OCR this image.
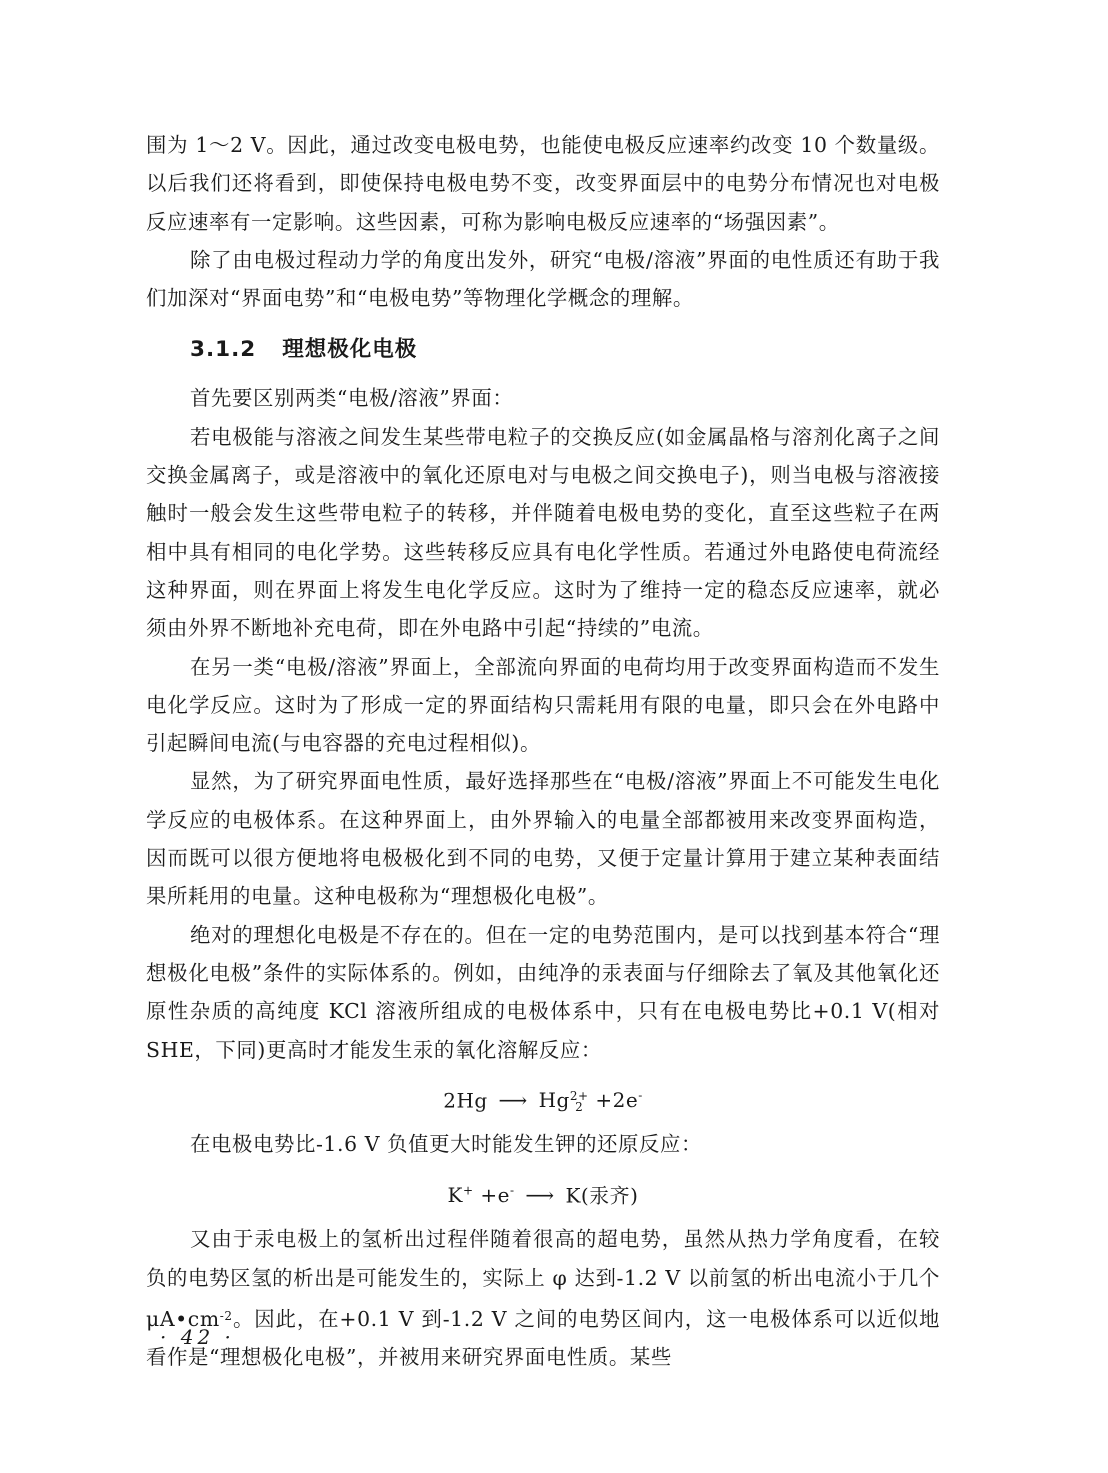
围为 1～2 V。因此，通过改变电极电势，也能使电极反应速率约改变 10 个数量级。以后我们还将看到，即使保持电极电势不变，改变界面层中的电势分布情况也对电极反应速率有一定影响。这些因素，可称为影响电极反应速率的“场强因素”。

除了由电极过程动力学的角度出发外，研究“电极/溶液”界面的电性质还有助于我们加深对“界面电势”和“电极电势”等物理化学概念的理解。

3.1.2 理想极化电极

首先要区别两类“电极/溶液”界面：

若电极能与溶液之间发生某些带电粒子的交换反应(如金属晶格与溶剂化离子之间交换金属离子，或是溶液中的氧化还原电对与电极之间交换电子)，则当电极与溶液接触时一般会发生这些带电粒子的转移，并伴随着电极电势的变化，直至这些粒子在两相中具有相同的电化学势。这些转移反应具有电化学性质。若通过外电路使电荷流经这种界面，则在界面上将发生电化学反应。这时为了维持一定的稳态反应速率，就必须由外界不断地补充电荷，即在外电路中引起“持续的”电流。

在另一类“电极/溶液”界面上，全部流向界面的电荷均用于改变界面构造而不发生电化学反应。这时为了形成一定的界面结构只需耗用有限的电量，即只会在外电路中引起瞬间电流(与电容器的充电过程相似)。

显然，为了研究界面电性质，最好选择那些在“电极/溶液”界面上不可能发生电化学反应的电极体系。在这种界面上，由外界输入的电量全部都被用来改变界面构造，因而既可以很方便地将电极极化到不同的电势，又便于定量计算用于建立某种表面结果所耗用的电量。这种电极称为“理想极化电极”。

绝对的理想化电极是不存在的。但在一定的电势范围内，是可以找到基本符合“理想极化电极”条件的实际体系的。例如，由纯净的汞表面与仔细除去了氧及其他氧化还原性杂质的高纯度 KCl 溶液所组成的电极体系中，只有在电极电势比+0.1 V(相对 SHE，下同)更高时才能发生汞的氧化溶解反应：

2Hg ⟶ Hg 2+
2 +2e-

在电极电势比-1.6 V 负值更大时能发生钾的还原反应：

K+ +e- ⟶ K(汞齐)

又由于汞电极上的氢析出过程伴随着很高的超电势，虽然从热力学角度看，在较负的电势区氢的析出是可能发生的，实际上 φ 达到-1.2 V 以前氢的析出电流小于几个 $\mu A•cm^{-2}$。因此，在+0.1 V 到-1.2 V 之间的电势区间内，这一电极体系可以近似地看作是“理想极化电极”，并被用来研究界面电性质。某些

· 42 ·
